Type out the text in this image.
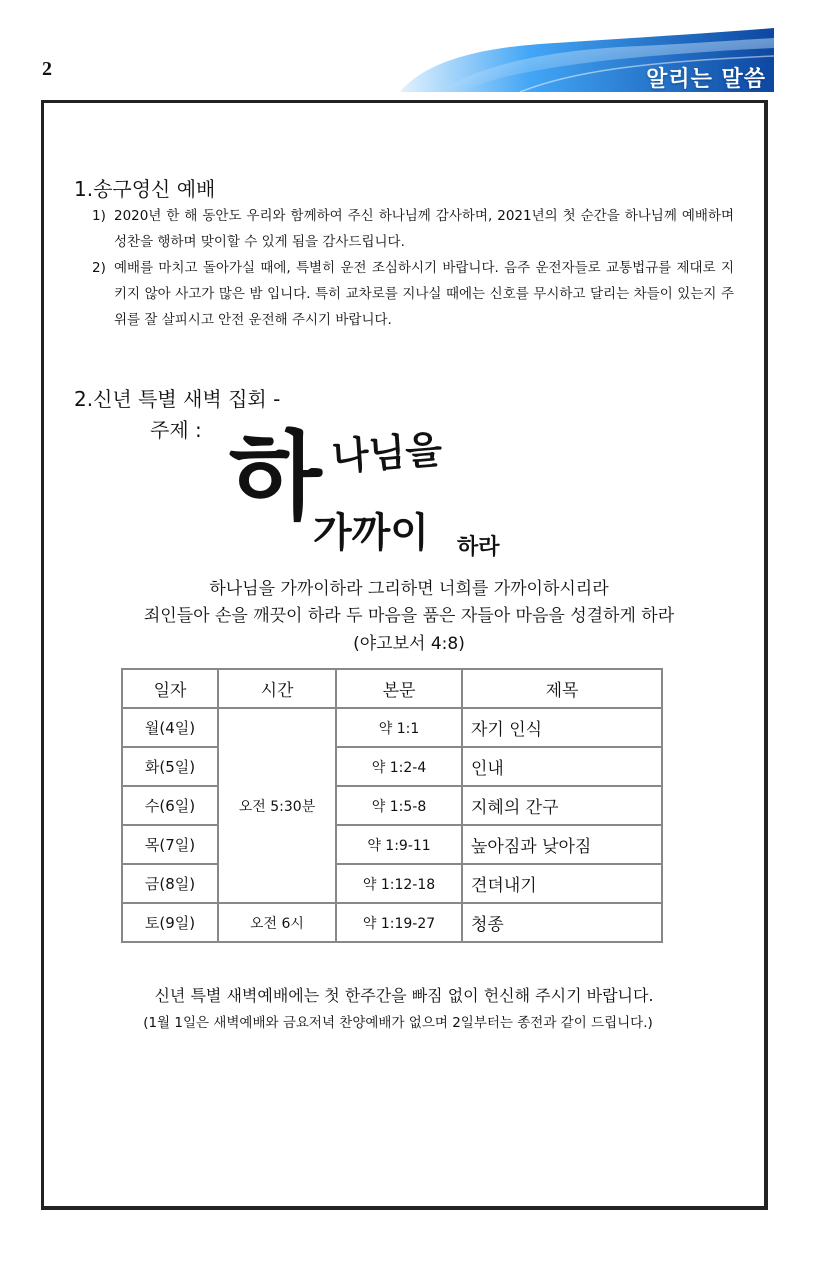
2	알리는 말씀
1.송구영신 예배
1) 2020년 한 해 동안도 우리와 함께하여 주신 하나님께 감사하며, 2021년의 첫 순간을 하나님께 예배하며 성찬을 행하며 맞이할 수 있게 됨을 감사드립니다.
2) 예배를 마치고 돌아가실 때에, 특별히 운전 조심하시기 바랍니다. 음주 운전자들로 교통법규를 제대로 지키지 않아 사고가 많은 밤 입니다. 특히 교차로를 지나실 때에는 신호를 무시하고 달리는 차들이 있는지 주위를 잘 살피시고 안전 운전해 주시기 바랍니다.
2.신년 특별 새벽 집회 -
주제 : 하 나님을
가까이 하라
하나님을 가까이하라 그리하면 너희를 가까이하시리라
죄인들아 손을 깨끗이 하라 두 마음을 품은 자들아 마음을 성결하게 하라
(야고보서 4:8)
일자	시간	본문	제목
월(4일)	오전 5:30분	약 1:1	자기 인식
화(5일)		약 1:2-4	인내
수(6일)		약 1:5-8	지혜의 간구
목(7일)		약 1:9-11	높아짐과 낮아짐
금(8일)		약 1:12-18	견뎌내기
토(9일)	오전 6시	약 1:19-27	청종
신년 특별 새벽예배에는 첫 한주간을 빠짐 없이 헌신해 주시기 바랍니다.
(1월 1일은 새벽예배와 금요저녁 찬양예배가 없으며 2일부터는 종전과 같이 드립니다.)
